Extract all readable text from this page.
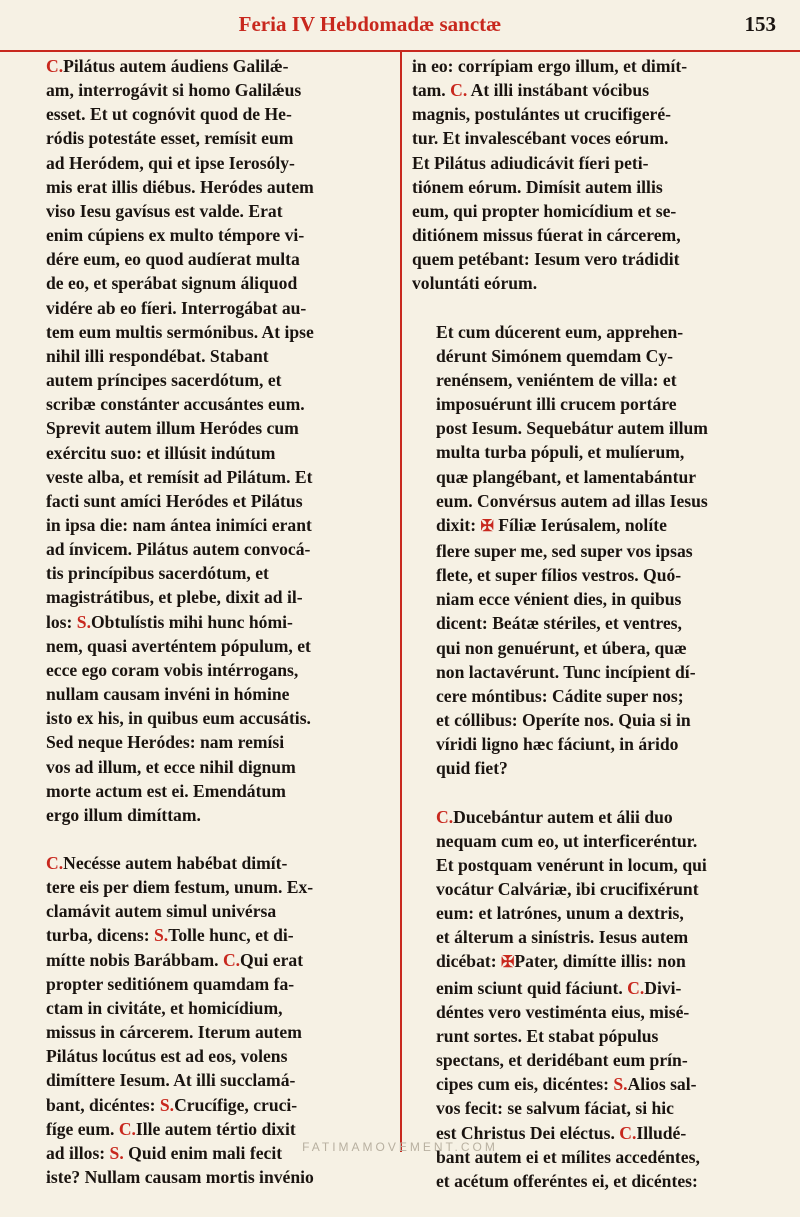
Feria IV Hebdomadæ sanctæ	153
C.Pilátus autem áudiens Galilǽ-
am, interrogávit si homo Galilǽus
esset. Et ut cognóvit quod de He-
ródis potestáte esset, remísit eum
ad Heródem, qui et ipse Ierosóly-
mis erat illis diébus. Heródes autem
viso Iesu gavísus est valde. Erat
enim cúpiens ex multo témpore vi-
dére eum, eo quod audíerat multa
de eo, et sperábat signum áliquod
vidére ab eo fíeri. Interrogábat au-
tem eum multis sermónibus. At ipse
nihil illi respondébat. Stabant
autem príncipes sacerdótum, et
scribæ constánter accusántes eum.
Sprevit autem illum Heródes cum
exércitu suo: et illúsit indútum
veste alba, et remísit ad Pilátum. Et
facti sunt amíci Heródes et Pilátus
in ipsa die: nam ántea inimíci erant
ad ínvicem. Pilátus autem convocá-
tis princípibus sacerdótum, et
magistrátibus, et plebe, dixit ad il-
los: S.Obtulístis mihi hunc hómi-
nem, quasi averténtem pópulum, et
ecce ego coram vobis intérrogans,
nullam causam invéni in hómine
isto ex his, in quibus eum accusátis.
Sed neque Heródes: nam remísi
vos ad illum, et ecce nihil dignum
morte actum est ei. Emendátum
ergo illum dimíttam.
C.Necésse autem habébat dimít-
tere eis per diem festum, unum. Ex-
clamávit autem simul univérsa
turba, dicens: S.Tolle hunc, et di-
mítte nobis Barábbam. C.Qui erat
propter seditiónem quamdam fa-
ctam in civitáte, et homicídium,
missus in cárcerem. Iterum autem
Pilátus locútus est ad eos, volens
dimíttere Iesum. At illi succlamá-
bant, dicéntes: S.Crucífige, cruci-
fíge eum. C.Ille autem tértio dixit
ad illos: S. Quid enim mali fecit
iste? Nullam causam mortis invénio
in eo: corrípiam ergo illum, et dimít-
tam. C. At illi instábant vócibus
magnis, postulántes ut crucifigeré-
tur. Et invalescébant voces eórum.
Et Pilátus adiudicávit fíeri peti-
tiónem eórum. Dimísit autem illis
eum, qui propter homicídium et se-
ditiónem missus fúerat in cárcerem,
quem petébant: Iesum vero trádidit
voluntáti eórum.
Et cum dúcerent eum, apprehen-
dérunt Simónem quemdam Cy-
renénsem, veniéntem de villa: et
imposuérunt illi crucem portáre
post Iesum. Sequebátur autem illum
multa turba pópuli, et mulíerum,
quæ plangébant, et lamentabántur
eum. Convérsus autem ad illas Iesus
dixit: ✠ Fíliæ Ierúsalem, nolíte
flere super me, sed super vos ipsas
flete, et super fílios vestros. Quó-
niam ecce vénient dies, in quibus
dicent: Beátæ stériles, et ventres,
qui non genuérunt, et úbera, quæ
non lactavérunt. Tunc incípient dí-
cere móntibus: Cádite super nos;
et cóllibus: Operíte nos. Quia si in
víridi ligno hæc fáciunt, in árido
quid fiet?
C.Ducebántur autem et álii duo
nequam cum eo, ut interficeréntur.
Et postquam venérunt in locum, qui
vocátur Calváriæ, ibi crucifixérunt
eum: et latrónes, unum a dextris,
et álterum a sinístris. Iesus autem
dicébat: ✠Pater, dimítte illis: non
enim sciunt quid fáciunt. C.Divi-
déntes vero vestiménta eius, misé-
runt sortes. Et stabat pópulus
spectans, et deridébant eum prín-
cipes cum eis, dicéntes: S.Alios sal-
vos fecit: se salvum fáciat, si hic
est Christus Dei eléctus. C.Illudé-
bant autem ei et mílites accedéntes,
et acétum offeréntes ei, et dicéntes:
FATIMAMOVEMENT.COM
